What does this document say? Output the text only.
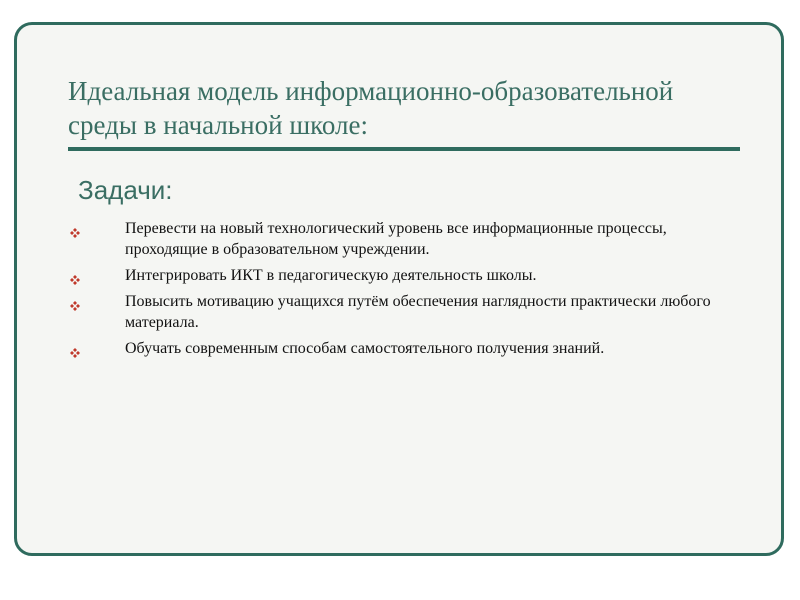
Идеальная модель информационно-образовательной среды в начальной школе:
Задачи:
Перевести на новый технологический уровень все информационные процессы, проходящие в образовательном учреждении.
Интегрировать ИКТ в педагогическую деятельность школы.
Повысить мотивацию учащихся путём обеспечения наглядности практически любого материала.
Обучать современным способам самостоятельного получения знаний.
